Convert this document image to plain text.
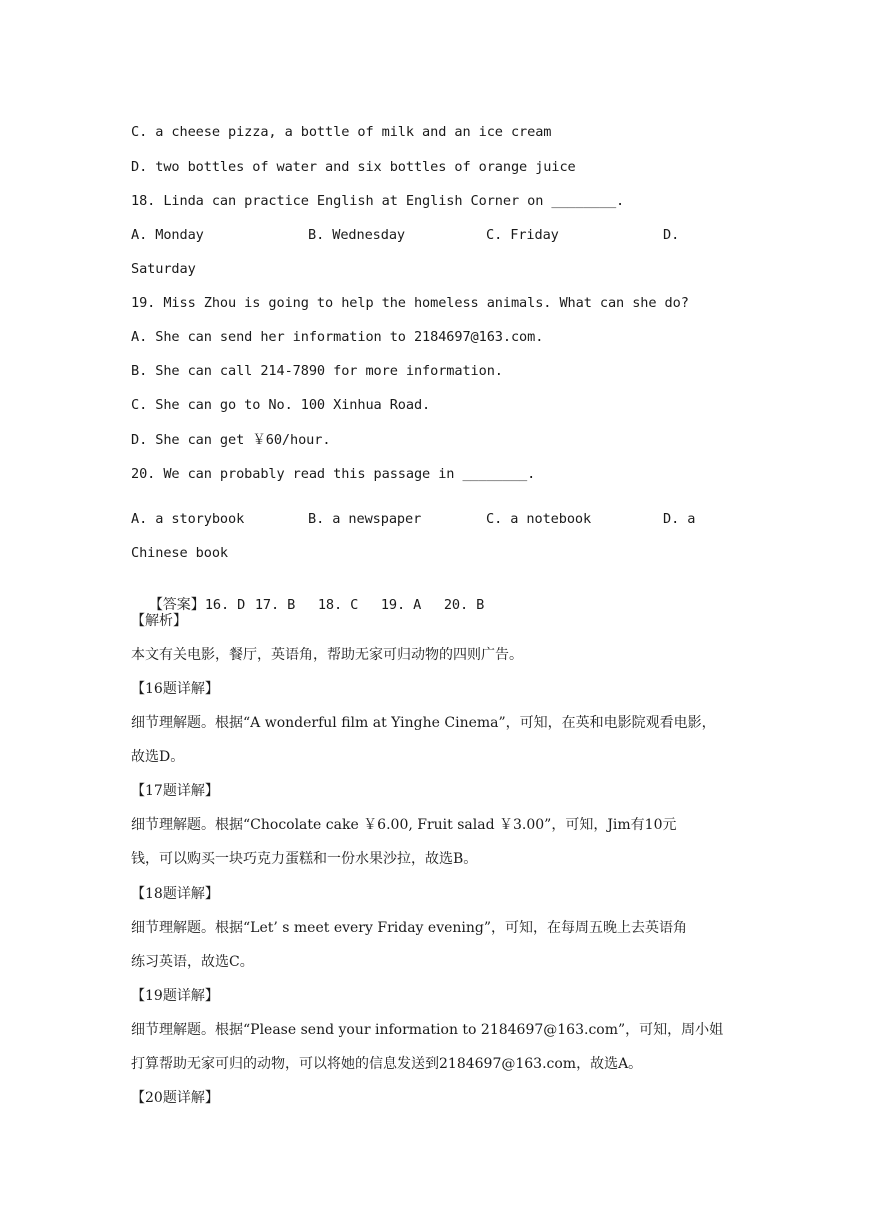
C. a cheese pizza, a bottle of milk and an ice cream
D. two bottles of water and six bottles of orange juice
18. Linda can practice English at English Corner on ________.
A. Monday	B. Wednesday	C. Friday	D.
Saturday
19. Miss Zhou is going to help the homeless animals. What can she do?
A. She can send her information to 2184697@163.com.
B. She can call 214-7890 for more information.
C. She can go to No. 100 Xinhua Road.
D. She can get ￥60/hour.
20. We can probably read this passage in ________.
A. a storybook	B. a newspaper	C. a notebook	D. a
Chinese book

【答案】16. D 17. B 18. C 19. A 20. B

【解析】
本文有关电影，餐厅，英语角，帮助无家可归动物的四则广告。
【16题详解】
细节理解题。根据“A wonderful film at Yinghe Cinema”，可知，在英和电影院观看电影，
故选D。
【17题详解】
细节理解题。根据“Chocolate cake ￥6.00, Fruit salad ￥3.00”，可知，Jim有10元
钱，可以购买一块巧克力蛋糕和一份水果沙拉，故选B。
【18题详解】
细节理解题。根据“Let’ s meet every Friday evening”，可知，在每周五晚上去英语角
练习英语，故选C。
【19题详解】
细节理解题。根据“Please send your information to 2184697@163.com”，可知，周小姐
打算帮助无家可归的动物，可以将她的信息发送到2184697@163.com，故选A。
【20题详解】
